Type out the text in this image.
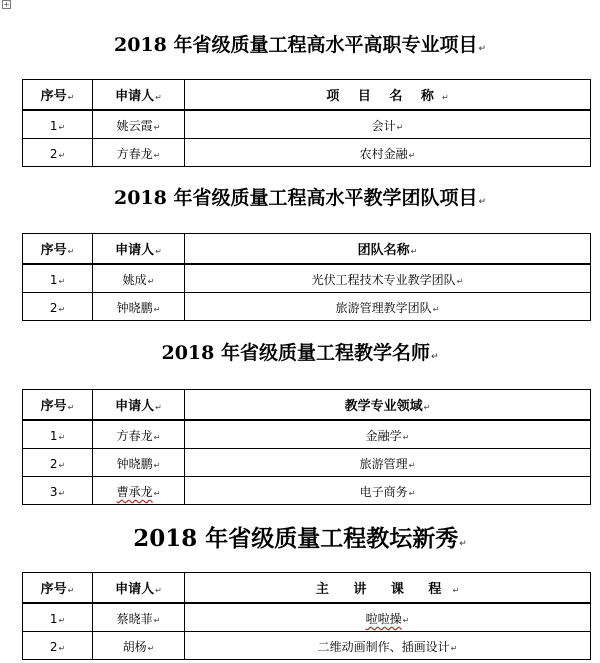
+
2018 年省级质量工程高水平高职专业项目↵
序号↵	申请人↵	项 目 名 称↵
1↵	姚云霞↵	会计↵
2↵	方春龙↵	农村金融↵
2018 年省级质量工程高水平教学团队项目↵
序号↵	申请人↵	团队名称↵
1↵	姚成↵	光伏工程技术专业教学团队↵
2↵	钟晓鹏↵	旅游管理教学团队↵
2018 年省级质量工程教学名师↵
序号↵	申请人↵	教学专业领域↵
1↵	方春龙↵	金融学↵
2↵	钟晓鹏↵	旅游管理↵
3↵	曹承龙↵	电子商务↵
2018 年省级质量工程教坛新秀↵
序号↵	申请人↵	主 讲 课 程↵
1↵	蔡晓菲↵	啦啦操↵
2↵	胡杨↵	二维动画制作、插画设计↵
